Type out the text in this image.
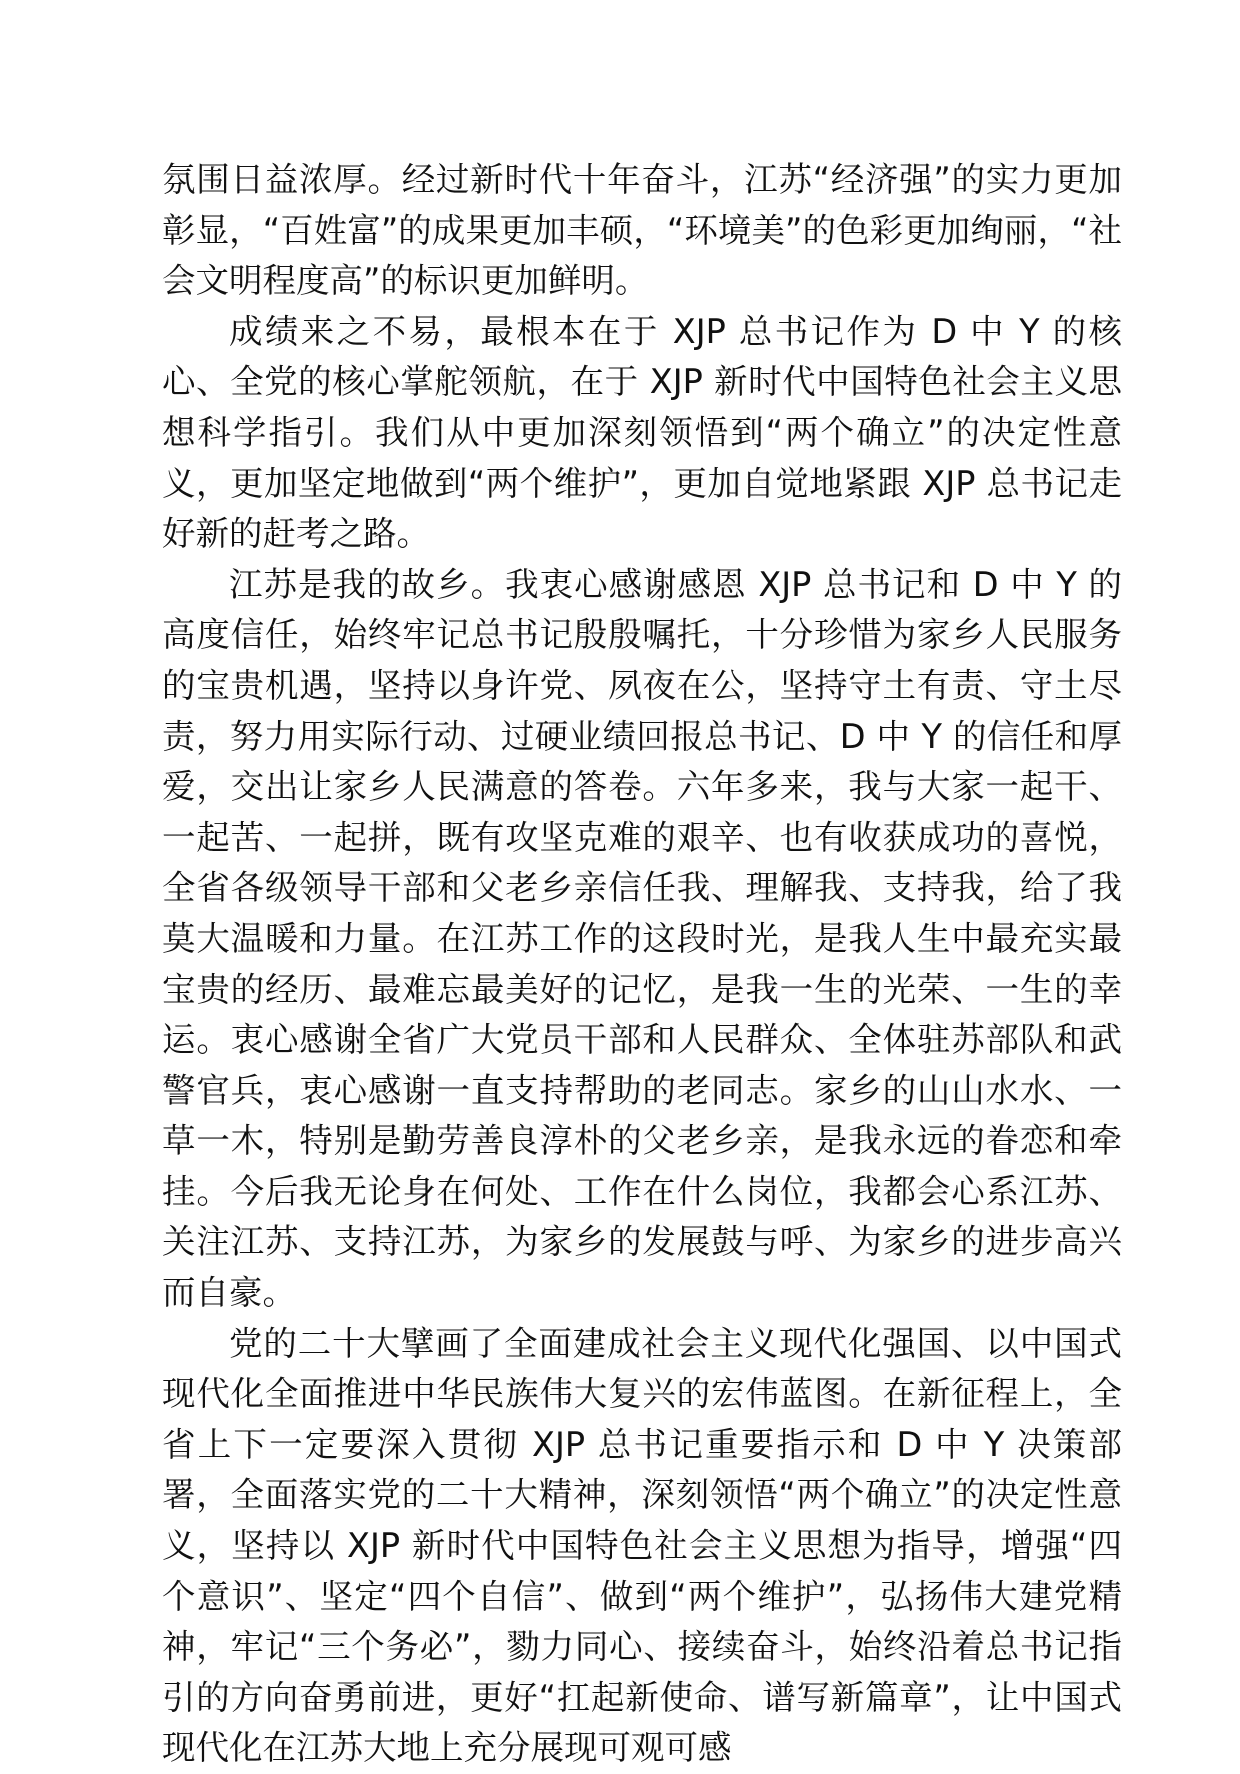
氛围日益浓厚。经过新时代十年奋斗，江苏“经济强”的实力更加彰显，“百姓富”的成果更加丰硕，“环境美”的色彩更加绚丽，“社会文明程度高”的标识更加鲜明。

成绩来之不易，最根本在于 XJP 总书记作为 D 中 Y 的核心、全党的核心掌舵领航，在于 XJP 新时代中国特色社会主义思想科学指引。我们从中更加深刻领悟到“两个确立”的决定性意义，更加坚定地做到“两个维护”，更加自觉地紧跟 XJP 总书记走好新的赶考之路。

江苏是我的故乡。我衷心感谢感恩 XJP 总书记和 D 中 Y 的高度信任，始终牢记总书记殷殷嘱托，十分珍惜为家乡人民服务的宝贵机遇，坚持以身许党、夙夜在公，坚持守土有责、守土尽责，努力用实际行动、过硬业绩回报总书记、D 中 Y 的信任和厚爱，交出让家乡人民满意的答卷。六年多来，我与大家一起干、一起苦、一起拼，既有攻坚克难的艰辛、也有收获成功的喜悦，全省各级领导干部和父老乡亲信任我、理解我、支持我，给了我莫大温暖和力量。在江苏工作的这段时光，是我人生中最充实最宝贵的经历、最难忘最美好的记忆，是我一生的光荣、一生的幸运。衷心感谢全省广大党员干部和人民群众、全体驻苏部队和武警官兵，衷心感谢一直支持帮助的老同志。家乡的山山水水、一草一木，特别是勤劳善良淳朴的父老乡亲，是我永远的眷恋和牵挂。今后我无论身在何处、工作在什么岗位，我都会心系江苏、关注江苏、支持江苏，为家乡的发展鼓与呼、为家乡的进步高兴而自豪。

党的二十大擘画了全面建成社会主义现代化强国、以中国式现代化全面推进中华民族伟大复兴的宏伟蓝图。在新征程上，全省上下一定要深入贯彻 XJP 总书记重要指示和 D 中 Y 决策部署，全面落实党的二十大精神，深刻领悟“两个确立”的决定性意义，坚持以 XJP 新时代中国特色社会主义思想为指导，增强“四个意识”、坚定“四个自信”、做到“两个维护”，弘扬伟大建党精神，牢记“三个务必”，勠力同心、接续奋斗，始终沿着总书记指引的方向奋勇前进，更好“扛起新使命、谱写新篇章”，让中国式现代化在江苏大地上充分展现可观可感
